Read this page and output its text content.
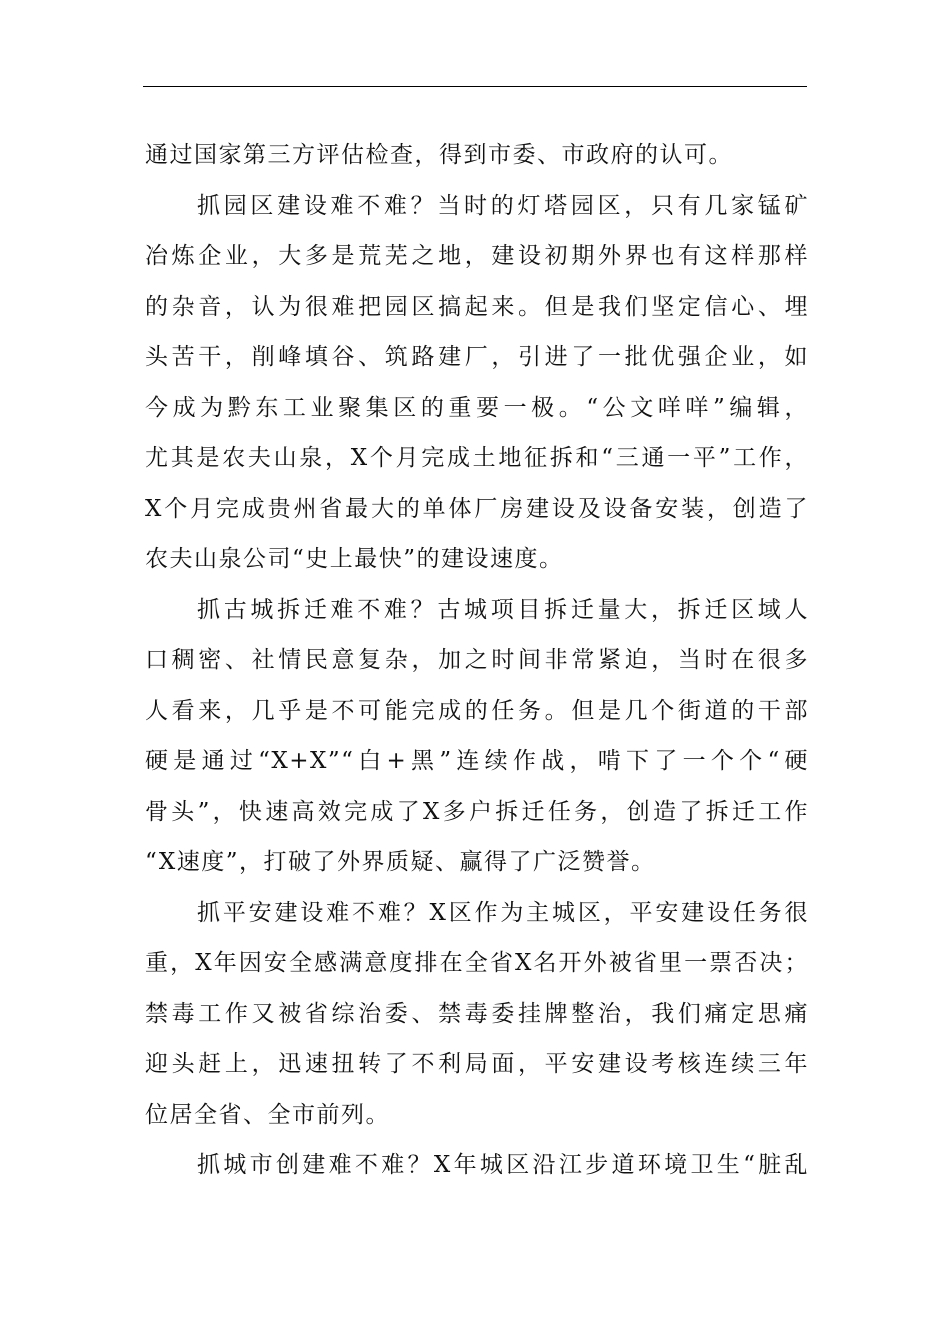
通过国家第三方评估检查，得到市委、市政府的认可。
抓园区建设难不难？当时的灯塔园区，只有几家锰矿
冶炼企业，大多是荒芜之地，建设初期外界也有这样那样
的杂音，认为很难把园区搞起来。但是我们坚定信心、埋
头苦干，削峰填谷、筑路建厂，引进了一批优强企业，如
今成为黔东工业聚集区的重要一极。“公文咩咩”编辑，
尤其是农夫山泉，X个月完成土地征拆和“三通一平”工作，
X个月完成贵州省最大的单体厂房建设及设备安装，创造了
农夫山泉公司“史上最快”的建设速度。
抓古城拆迁难不难？古城项目拆迁量大，拆迁区域人
口稠密、社情民意复杂，加之时间非常紧迫，当时在很多
人看来，几乎是不可能完成的任务。但是几个街道的干部
硬是通过“X+X”“白+黑”连续作战，啃下了一个个“硬
骨头”，快速高效完成了X多户拆迁任务，创造了拆迁工作
“X速度”，打破了外界质疑、赢得了广泛赞誉。
抓平安建设难不难？X区作为主城区，平安建设任务很
重，X年因安全感满意度排在全省X名开外被省里一票否决；
禁毒工作又被省综治委、禁毒委挂牌整治，我们痛定思痛
迎头赶上，迅速扭转了不利局面，平安建设考核连续三年
位居全省、全市前列。
抓城市创建难不难？X年城区沿江步道环境卫生“脏乱
